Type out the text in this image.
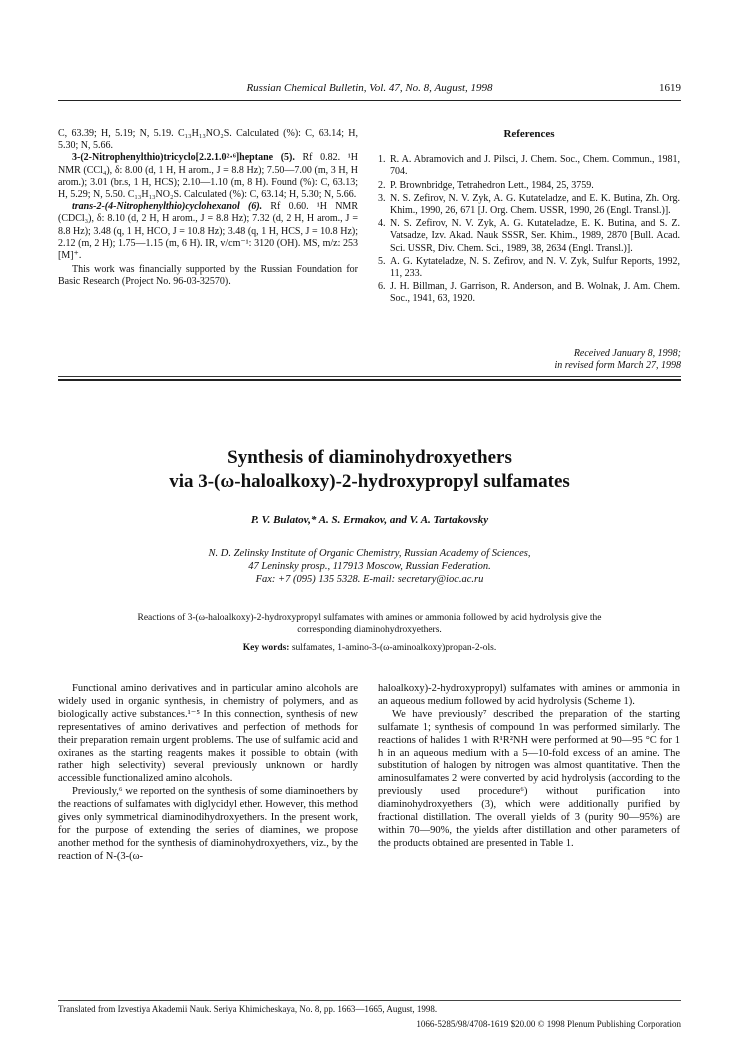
Russian Chemical Bulletin, Vol. 47, No. 8, August, 1998	1619

C, 63.39; H, 5.19; N, 5.19. C₁₃H₁₃NO₂S. Calculated (%): C, 63.14; H, 5.30; N, 5.66.

3-(2-Nitrophenylthio)tricyclo[2.2.1.0²·⁶]heptane (5). Rf 0.82. ¹H NMR (CCl₄), δ: 8.00 (d, 1 H, H arom., J = 8.8 Hz); 7.50—7.00 (m, 3 H, H arom.); 3.01 (br.s, 1 H, HCS); 2.10—1.10 (m, 8 H). Found (%): C, 63.13; H, 5.29; N, 5.50. C₁₃H₁₃NO₂S. Calculated (%): C, 63.14; H, 5.30; N, 5.66.

trans-2-(4-Nitrophenylthio)cyclohexanol (6). Rf 0.60. ¹H NMR (CDCl₃), δ: 8.10 (d, 2 H, H arom., J = 8.8 Hz); 7.32 (d, 2 H, H arom., J = 8.8 Hz); 3.48 (q, 1 H, HCO, J = 10.8 Hz); 3.48 (q, 1 H, HCS, J = 10.8 Hz); 2.12 (m, 2 H); 1.75—1.15 (m, 6 H). IR, v/cm⁻¹: 3120 (OH). MS, m/z: 253 [M]⁺.

This work was financially supported by the Russian Foundation for Basic Research (Project No. 96-03-32570).

References
1. R. A. Abramovich and J. Pilsci, J. Chem. Soc., Chem. Commun., 1981, 704.
2. P. Brownbridge, Tetrahedron Lett., 1984, 25, 3759.
3. N. S. Zefirov, N. V. Zyk, A. G. Kutateladze, and E. K. Butina, Zh. Org. Khim., 1990, 26, 671 [J. Org. Chem. USSR, 1990, 26 (Engl. Transl.)].
4. N. S. Zefirov, N. V. Zyk, A. G. Kutateladze, E. K. Butina, and S. Z. Vatsadze, Izv. Akad. Nauk SSSR, Ser. Khim., 1989, 2870 [Bull. Acad. Sci. USSR, Div. Chem. Sci., 1989, 38, 2634 (Engl. Transl.)].
5. A. G. Kytateladze, N. S. Zefirov, and N. V. Zyk, Sulfur Reports, 1992, 11, 233.
6. J. H. Billman, J. Garrison, R. Anderson, and B. Wolnak, J. Am. Chem. Soc., 1941, 63, 1920.
Received January 8, 1998;
in revised form March 27, 1998
Synthesis of diaminohydroxyethers
via 3-(ω-haloalkoxy)-2-hydroxypropyl sulfamates
P. V. Bulatov,* A. S. Ermakov, and V. A. Tartakovsky
N. D. Zelinsky Institute of Organic Chemistry, Russian Academy of Sciences,
47 Leninsky prosp., 117913 Moscow, Russian Federation.
Fax: +7 (095) 135 5328. E-mail: secretary@ioc.ac.ru
Reactions of 3-(ω-haloalkoxy)-2-hydroxypropyl sulfamates with amines or ammonia followed by acid hydrolysis give the corresponding diaminohydroxyethers.
Key words: sulfamates, 1-amino-3-(ω-aminoalkoxy)propan-2-ols.

Functional amino derivatives and in particular amino alcohols are widely used in organic synthesis, in chemistry of polymers, and as biologically active substances.¹⁻⁵ In this connection, synthesis of new representatives of amino derivatives and perfection of methods for their preparation remain urgent problems. The use of sulfamic acid and oxiranes as the starting reagents makes it possible to obtain (with rather high selectivity) several previously unknown or hardly accessible functionalized amino alcohols.

Previously,⁶ we reported on the synthesis of some diaminoethers by the reactions of sulfamates with diglycidyl ether. However, this method gives only symmetrical diaminodihydroxyethers. In the present work, for the purpose of extending the series of diamines, we propose another method for the synthesis of diaminohydroxyethers, viz., by the reaction of N-(3-(ω-

haloalkoxy)-2-hydroxypropyl) sulfamates with amines or ammonia in an aqueous medium followed by acid hydrolysis (Scheme 1).

We have previously⁷ described the preparation of the starting sulfamate 1; synthesis of compound 1n was performed similarly. The reactions of halides 1 with R¹R²NH were performed at 90—95 °C for 1 h in an aqueous medium with a 5—10-fold excess of an amine. The substitution of halogen by nitrogen was almost quantitative. Then the aminosulfamates 2 were converted by acid hydrolysis (according to the previously used procedure⁶) without purification into diaminohydroxyethers (3), which were additionally purified by fractional distillation. The overall yields of 3 (purity 90—95%) are within 70—90%, the yields after distillation and other parameters of the products obtained are presented in Table 1.

Translated from Izvestiya Akademii Nauk. Seriya Khimicheskaya, No. 8, pp. 1663—1665, August, 1998.
1066-5285/98/4708-1619 $20.00 © 1998 Plenum Publishing Corporation
